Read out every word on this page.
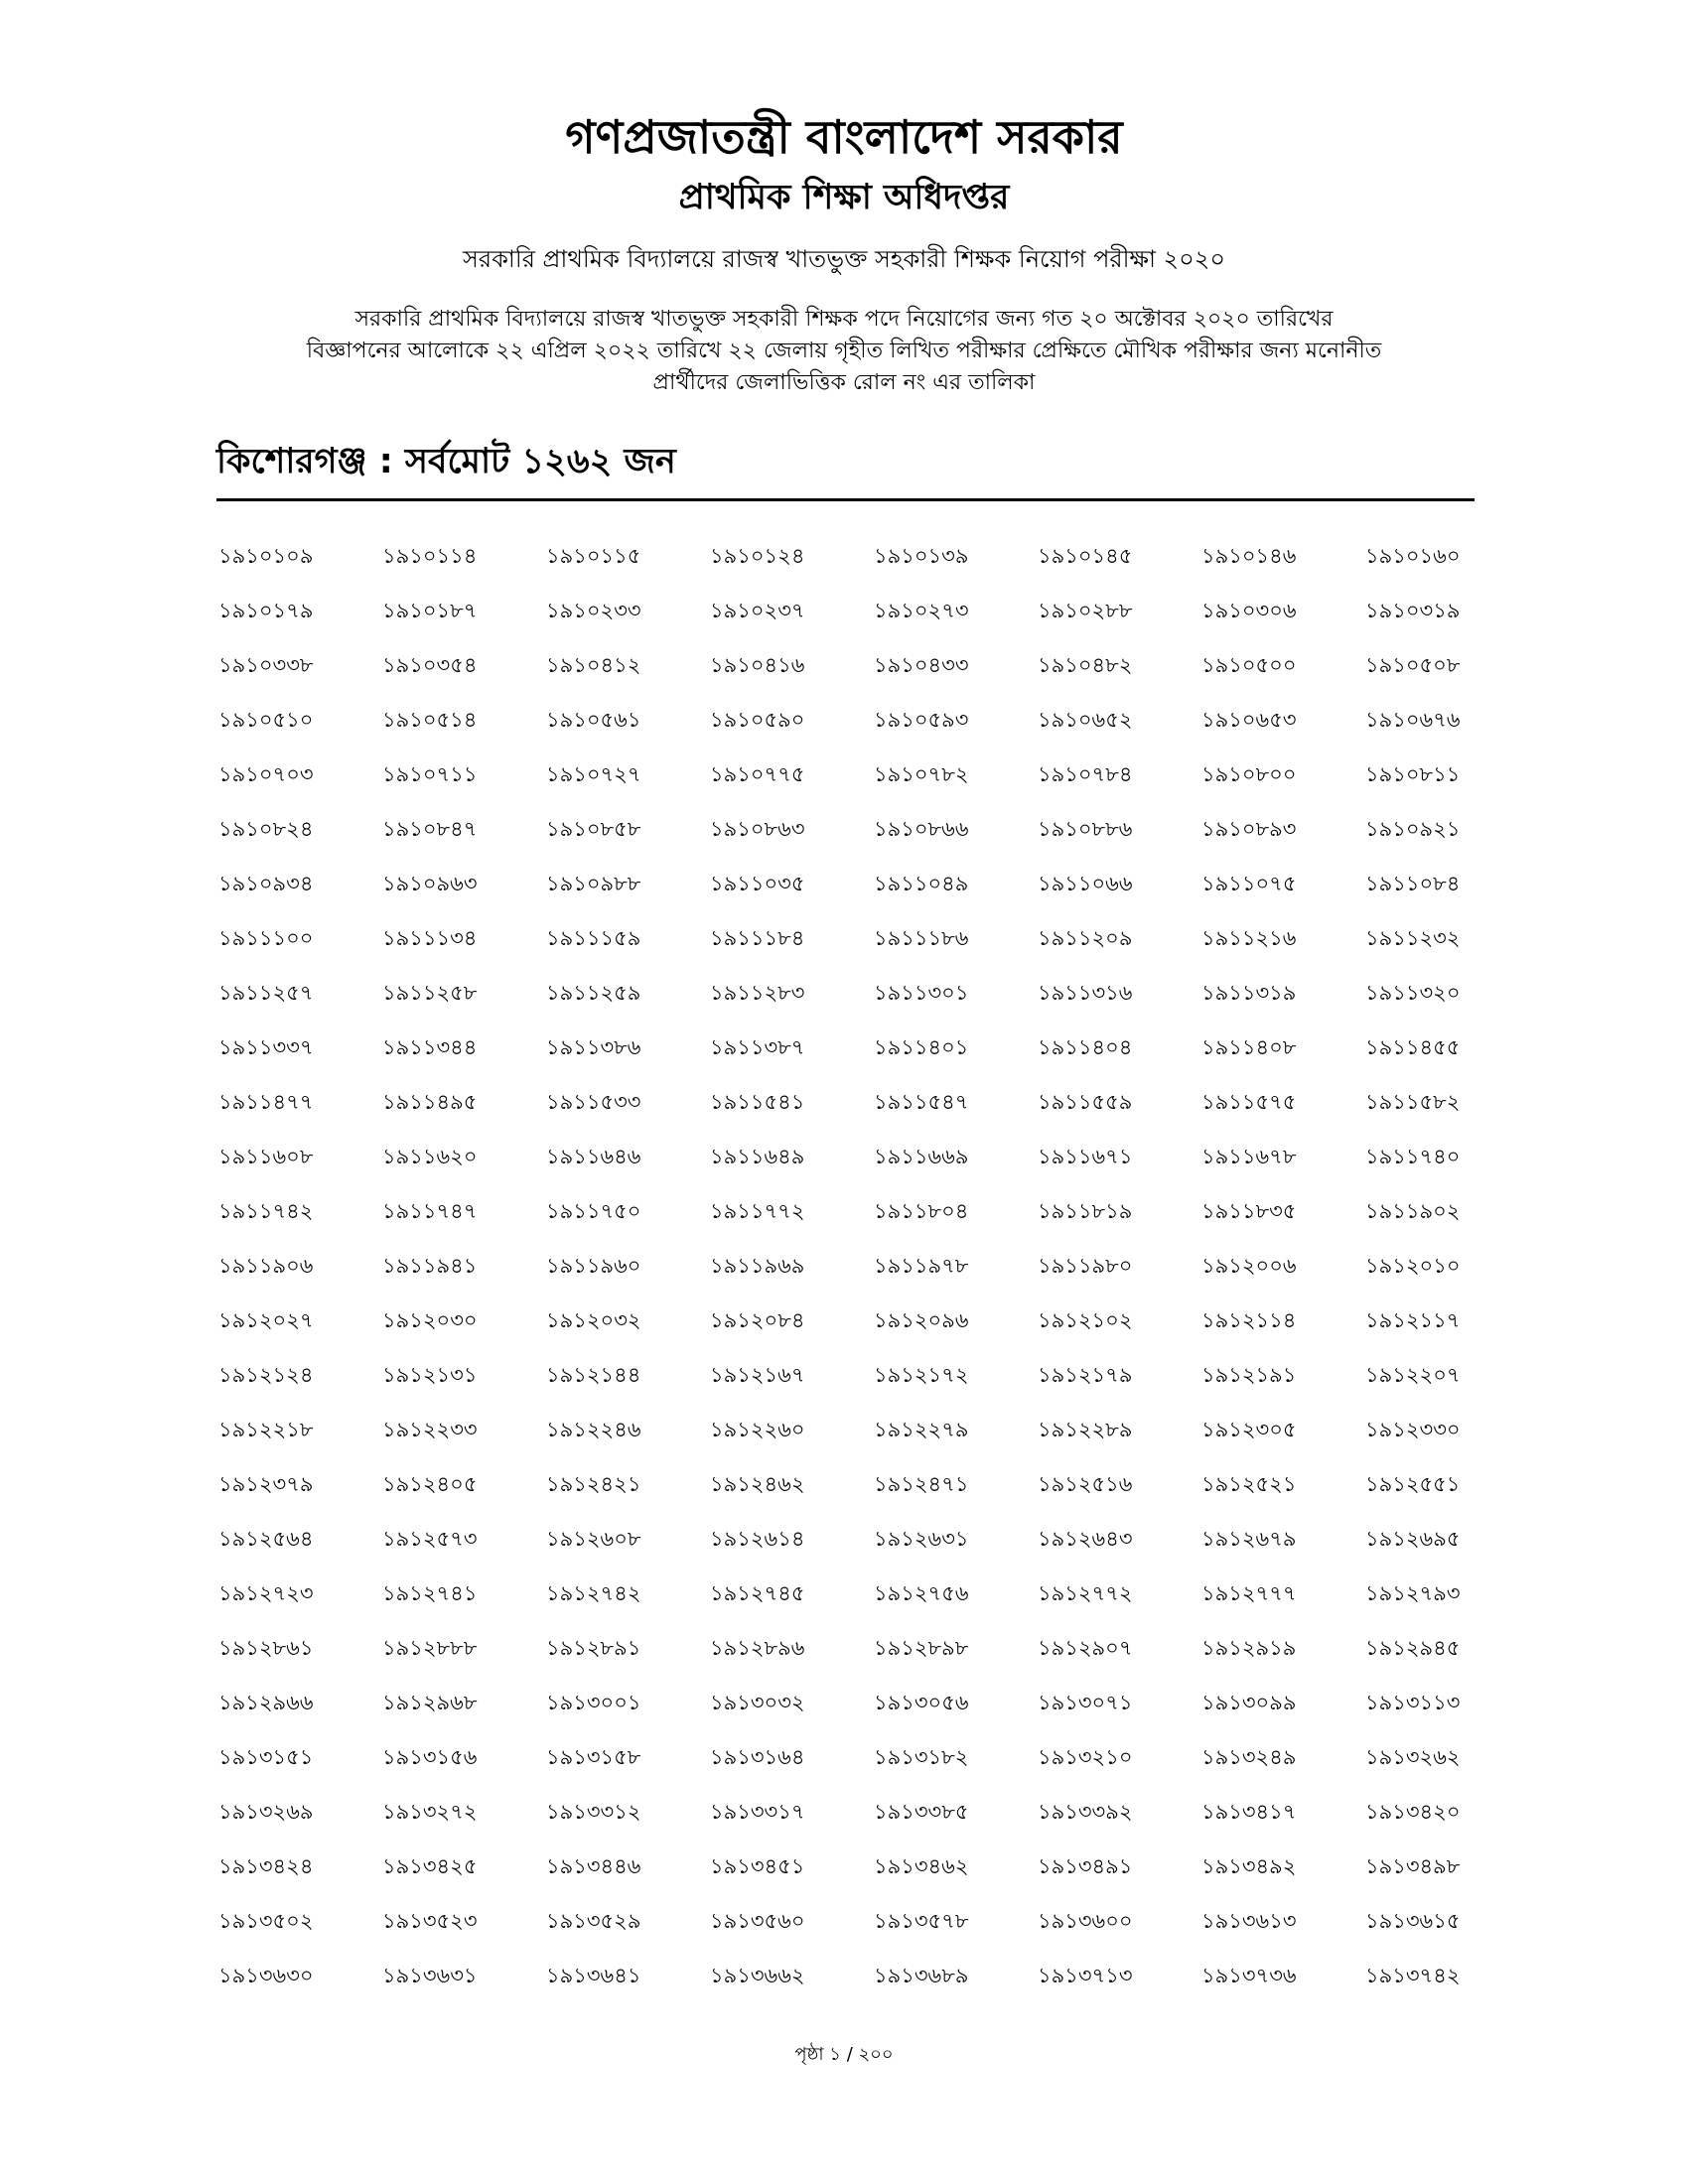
গণপ্রজাতন্ত্রী বাংলাদেশ সরকার
প্রাথমিক শিক্ষা অধিদপ্তর
সরকারি প্রাথমিক বিদ্যালয়ে রাজস্ব খাতভুক্ত সহকারী শিক্ষক নিয়োগ পরীক্ষা ২০২০
সরকারি প্রাথমিক বিদ্যালয়ে রাজস্ব খাতভুক্ত সহকারী শিক্ষক পদে নিয়োগের জন্য গত ২০ অক্টোবর ২০২০ তারিখের
বিজ্ঞাপনের আলোকে ২২ এপ্রিল ২০২২ তারিখে ২২ জেলায় গৃহীত লিখিত পরীক্ষার প্রেক্ষিতে মৌখিক পরীক্ষার জন্য মনোনীত
প্রার্থীদের জেলাভিত্তিক রোল নং এর তালিকা
কিশোরগঞ্জ : সর্বমোট ১২৬২ জন
১৯১০১০৯	১৯১০১১৪	১৯১০১১৫	১৯১০১২৪	১৯১০১৩৯	১৯১০১৪৫	১৯১০১৪৬	১৯১০১৬০
১৯১০১৭৯	১৯১০১৮৭	১৯১০২৩৩	১৯১০২৩৭	১৯১০২৭৩	১৯১০২৮৮	১৯১০৩০৬	১৯১০৩১৯
১৯১০৩৩৮	১৯১০৩৫৪	১৯১০৪১২	১৯১০৪১৬	১৯১০৪৩৩	১৯১০৪৮২	১৯১০৫০০	১৯১০৫০৮
১৯১০৫১০	১৯১০৫১৪	১৯১০৫৬১	১৯১০৫৯০	১৯১০৫৯৩	১৯১০৬৫২	১৯১০৬৫৩	১৯১০৬৭৬
১৯১০৭০৩	১৯১০৭১১	১৯১০৭২৭	১৯১০৭৭৫	১৯১০৭৮২	১৯১০৭৮৪	১৯১০৮০০	১৯১০৮১১
১৯১০৮২৪	১৯১০৮৪৭	১৯১০৮৫৮	১৯১০৮৬৩	১৯১০৮৬৬	১৯১০৮৮৬	১৯১০৮৯৩	১৯১০৯২১
১৯১০৯৩৪	১৯১০৯৬৩	১৯১০৯৮৮	১৯১১০৩৫	১৯১১০৪৯	১৯১১০৬৬	১৯১১০৭৫	১৯১১০৮৪
১৯১১১০০	১৯১১১৩৪	১৯১১১৫৯	১৯১১১৮৪	১৯১১১৮৬	১৯১১২০৯	১৯১১২১৬	১৯১১২৩২
১৯১১২৫৭	১৯১১২৫৮	১৯১১২৫৯	১৯১১২৮৩	১৯১১৩০১	১৯১১৩১৬	১৯১১৩১৯	১৯১১৩২০
১৯১১৩৩৭	১৯১১৩৪৪	১৯১১৩৮৬	১৯১১৩৮৭	১৯১১৪০১	১৯১১৪০৪	১৯১১৪০৮	১৯১১৪৫৫
১৯১১৪৭৭	১৯১১৪৯৫	১৯১১৫৩৩	১৯১১৫৪১	১৯১১৫৪৭	১৯১১৫৫৯	১৯১১৫৭৫	১৯১১৫৮২
১৯১১৬০৮	১৯১১৬২০	১৯১১৬৪৬	১৯১১৬৪৯	১৯১১৬৬৯	১৯১১৬৭১	১৯১১৬৭৮	১৯১১৭৪০
১৯১১৭৪২	১৯১১৭৪৭	১৯১১৭৫০	১৯১১৭৭২	১৯১১৮০৪	১৯১১৮১৯	১৯১১৮৩৫	১৯১১৯০২
১৯১১৯০৬	১৯১১৯৪১	১৯১১৯৬০	১৯১১৯৬৯	১৯১১৯৭৮	১৯১১৯৮০	১৯১২০০৬	১৯১২০১০
১৯১২০২৭	১৯১২০৩০	১৯১২০৩২	১৯১২০৮৪	১৯১২০৯৬	১৯১২১০২	১৯১২১১৪	১৯১২১১৭
১৯১২১২৪	১৯১২১৩১	১৯১২১৪৪	১৯১২১৬৭	১৯১২১৭২	১৯১২১৭৯	১৯১২১৯১	১৯১২২০৭
১৯১২২১৮	১৯১২২৩৩	১৯১২২৪৬	১৯১২২৬০	১৯১২২৭৯	১৯১২২৮৯	১৯১২৩০৫	১৯১২৩৩০
১৯১২৩৭৯	১৯১২৪০৫	১৯১২৪২১	১৯১২৪৬২	১৯১২৪৭১	১৯১২৫১৬	১৯১২৫২১	১৯১২৫৫১
১৯১২৫৬৪	১৯১২৫৭৩	১৯১২৬০৮	১৯১২৬১৪	১৯১২৬৩১	১৯১২৬৪৩	১৯১২৬৭৯	১৯১২৬৯৫
১৯১২৭২৩	১৯১২৭৪১	১৯১২৭৪২	১৯১২৭৪৫	১৯১২৭৫৬	১৯১২৭৭২	১৯১২৭৭৭	১৯১২৭৯৩
১৯১২৮৬১	১৯১২৮৮৮	১৯১২৮৯১	১৯১২৮৯৬	১৯১২৮৯৮	১৯১২৯০৭	১৯১২৯১৯	১৯১২৯৪৫
১৯১২৯৬৬	১৯১২৯৬৮	১৯১৩০০১	১৯১৩০৩২	১৯১৩০৫৬	১৯১৩০৭১	১৯১৩০৯৯	১৯১৩১১৩
১৯১৩১৫১	১৯১৩১৫৬	১৯১৩১৫৮	১৯১৩১৬৪	১৯১৩১৮২	১৯১৩২১০	১৯১৩২৪৯	১৯১৩২৬২
১৯১৩২৬৯	১৯১৩২৭২	১৯১৩৩১২	১৯১৩৩১৭	১৯১৩৩৮৫	১৯১৩৩৯২	১৯১৩৪১৭	১৯১৩৪২০
১৯১৩৪২৪	১৯১৩৪২৫	১৯১৩৪৪৬	১৯১৩৪৫১	১৯১৩৪৬২	১৯১৩৪৯১	১৯১৩৪৯২	১৯১৩৪৯৮
১৯১৩৫০২	১৯১৩৫২৩	১৯১৩৫২৯	১৯১৩৫৬০	১৯১৩৫৭৮	১৯১৩৬০০	১৯১৩৬১৩	১৯১৩৬১৫
১৯১৩৬৩০	১৯১৩৬৩১	১৯১৩৬৪১	১৯১৩৬৬২	১৯১৩৬৮৯	১৯১৩৭১৩	১৯১৩৭৩৬	১৯১৩৭৪২
পৃষ্ঠা ১ / ২০০
